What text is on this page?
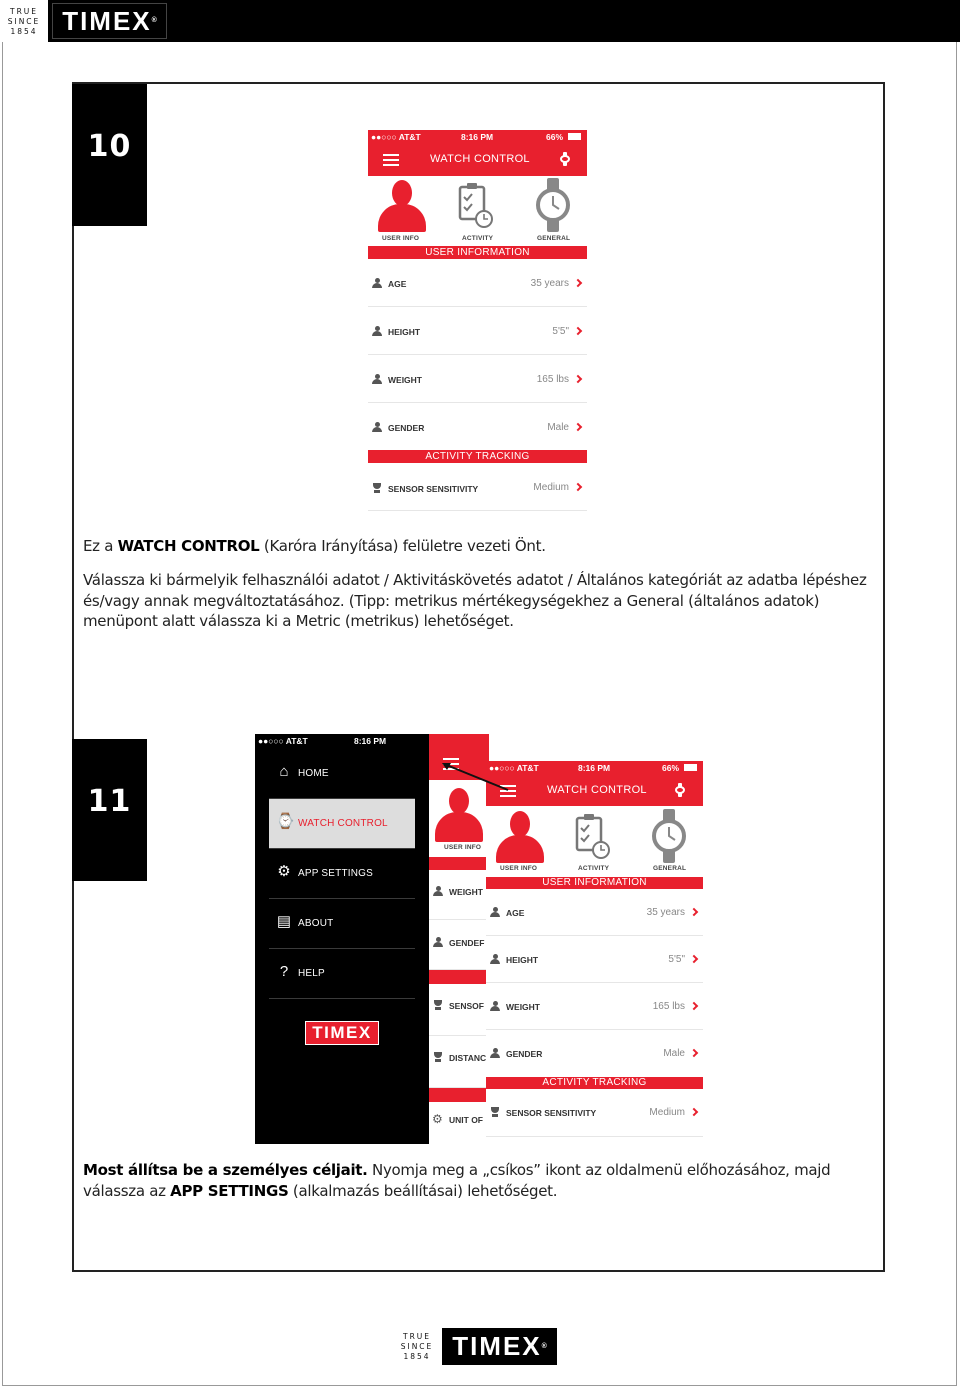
TRUE
SINCE
1854 TIMEX®
10	●●○○○ AT&T	8:16 PM	66%
WATCH CONTROL
USER INFO	ACTIVITY	GENERAL
USER INFORMATION
AGE	35 years
HEIGHT	5'5"
WEIGHT	165 lbs
GENDER	Male
ACTIVITY TRACKING
SENSOR SENSITIVITY	Medium
Ez a WATCH CONTROL (Karóra Irányítása) felületre vezeti Önt.
Válassza ki bármelyik felhasználói adatot / Aktivitáskövetés adatot / Általános kategóriát az adatba lépéshez és/vagy annak megváltoztatásához. (Tipp: metrikus mértékegységekhez a General (általános adatok) menüpont alatt válassza ki a Metric (metrikus) lehetőséget.
11
●●○○○ AT&T	8:16 PM
⌂ HOME
⌚ WATCH CONTROL
⚙ APP SETTINGS
▤ ABOUT
? HELP
TIMEX
USER INFO
WEIGHT
GENDEF
SENSOF
DISTANC
⚙ UNIT OF
●●○○○ AT&T	8:16 PM	66%
WATCH CONTROL
USER INFO	ACTIVITY	GENERAL
USER INFORMATION
AGE	35 years
HEIGHT	5'5"
WEIGHT	165 lbs
GENDER	Male
ACTIVITY TRACKING
SENSOR SENSITIVITY	Medium
Most állítsa be a személyes céljait. Nyomja meg a „csíkos” ikont az oldalmenü előhozásához, majd válassza az APP SETTINGS (alkalmazás beállításai) lehetőséget.
TRUE
SINCE
1854 TIMEX®
